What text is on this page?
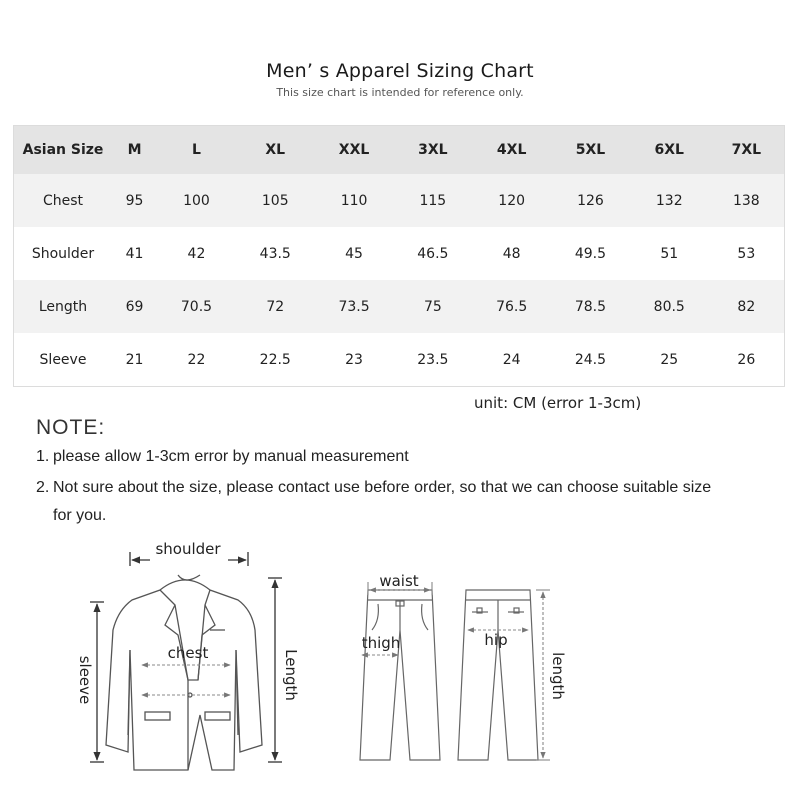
Men’ s Apparel Sizing Chart
This size chart is intended for reference only.
Asian Size	M	L	XL	XXL	3XL	4XL	5XL	6XL	7XL
Chest	95	100	105	110	115	120	126	132	138
Shoulder	41	42	43.5	45	46.5	48	49.5	51	53
Length	69	70.5	72	73.5	75	76.5	78.5	80.5	82
Sleeve	21	22	22.5	23	23.5	24	24.5	25	26
unit: CM (error 1-3cm)
NOTE:
1. please allow 1-3cm error by manual measurement
2. Not sure about the size, please contact use before order, so that we can choose suitable size
for you.
shoulder
chest
sleeve	Length
waist
thigh	hip
length
